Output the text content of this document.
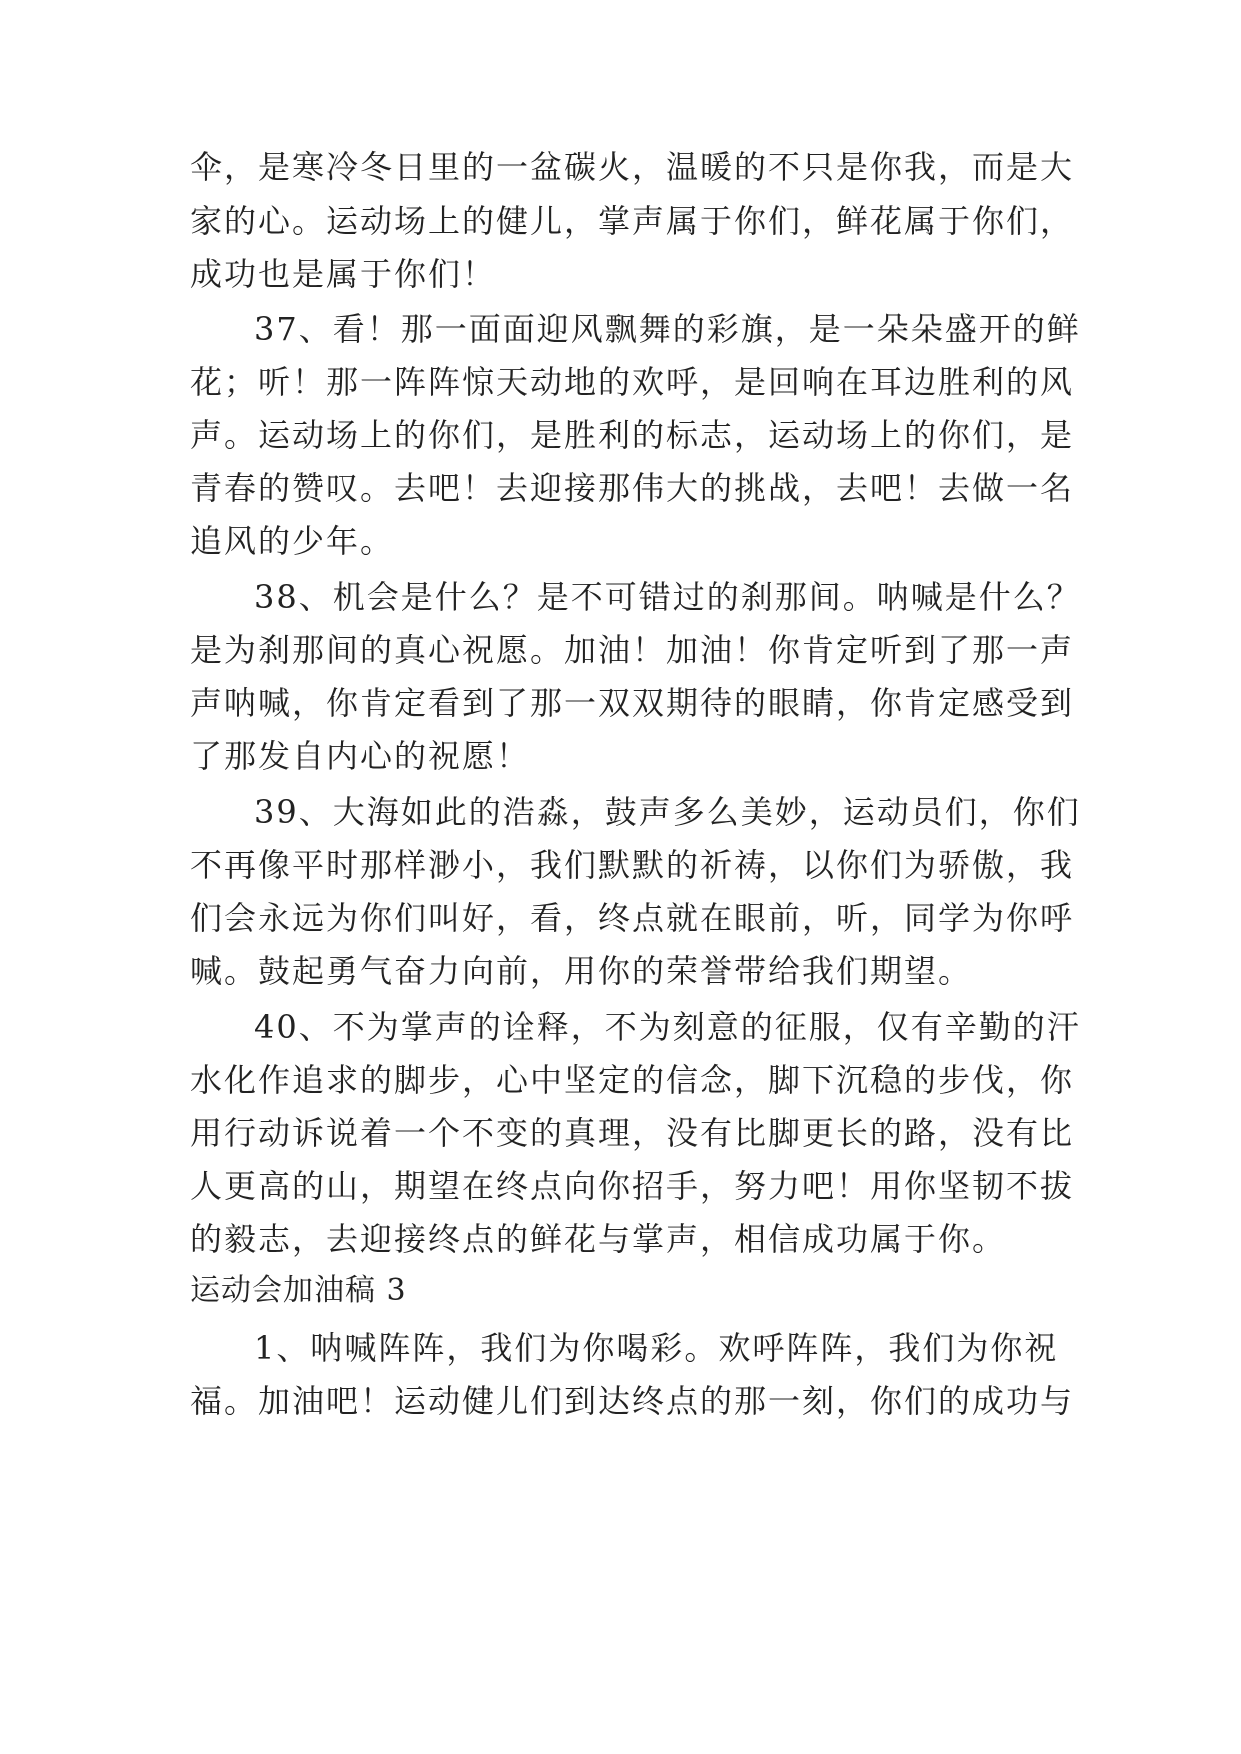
伞，是寒冷冬日里的一盆碳火，温暖的不只是你我，而是大
家的心。运动场上的健儿，掌声属于你们，鲜花属于你们，
成功也是属于你们！
37、看！那一面面迎风飘舞的彩旗，是一朵朵盛开的鲜
花；听！那一阵阵惊天动地的欢呼，是回响在耳边胜利的风
声。运动场上的你们，是胜利的标志，运动场上的你们，是
青春的赞叹。去吧！去迎接那伟大的挑战，去吧！去做一名
追风的少年。
38、机会是什么？是不可错过的刹那间。呐喊是什么？
是为刹那间的真心祝愿。加油！加油！你肯定听到了那一声
声呐喊，你肯定看到了那一双双期待的眼睛，你肯定感受到
了那发自内心的祝愿！
39、大海如此的浩淼，鼓声多么美妙，运动员们，你们
不再像平时那样渺小，我们默默的祈祷，以你们为骄傲，我
们会永远为你们叫好，看，终点就在眼前，听，同学为你呼
喊。鼓起勇气奋力向前，用你的荣誉带给我们期望。
40、不为掌声的诠释，不为刻意的征服，仅有辛勤的汗
水化作追求的脚步，心中坚定的信念，脚下沉稳的步伐，你
用行动诉说着一个不变的真理，没有比脚更长的路，没有比
人更高的山，期望在终点向你招手，努力吧！用你坚韧不拔
的毅志，去迎接终点的鲜花与掌声，相信成功属于你。
运动会加油稿 3
1、呐喊阵阵，我们为你喝彩。欢呼阵阵，我们为你祝
福。加油吧！运动健儿们到达终点的那一刻，你们的成功与
